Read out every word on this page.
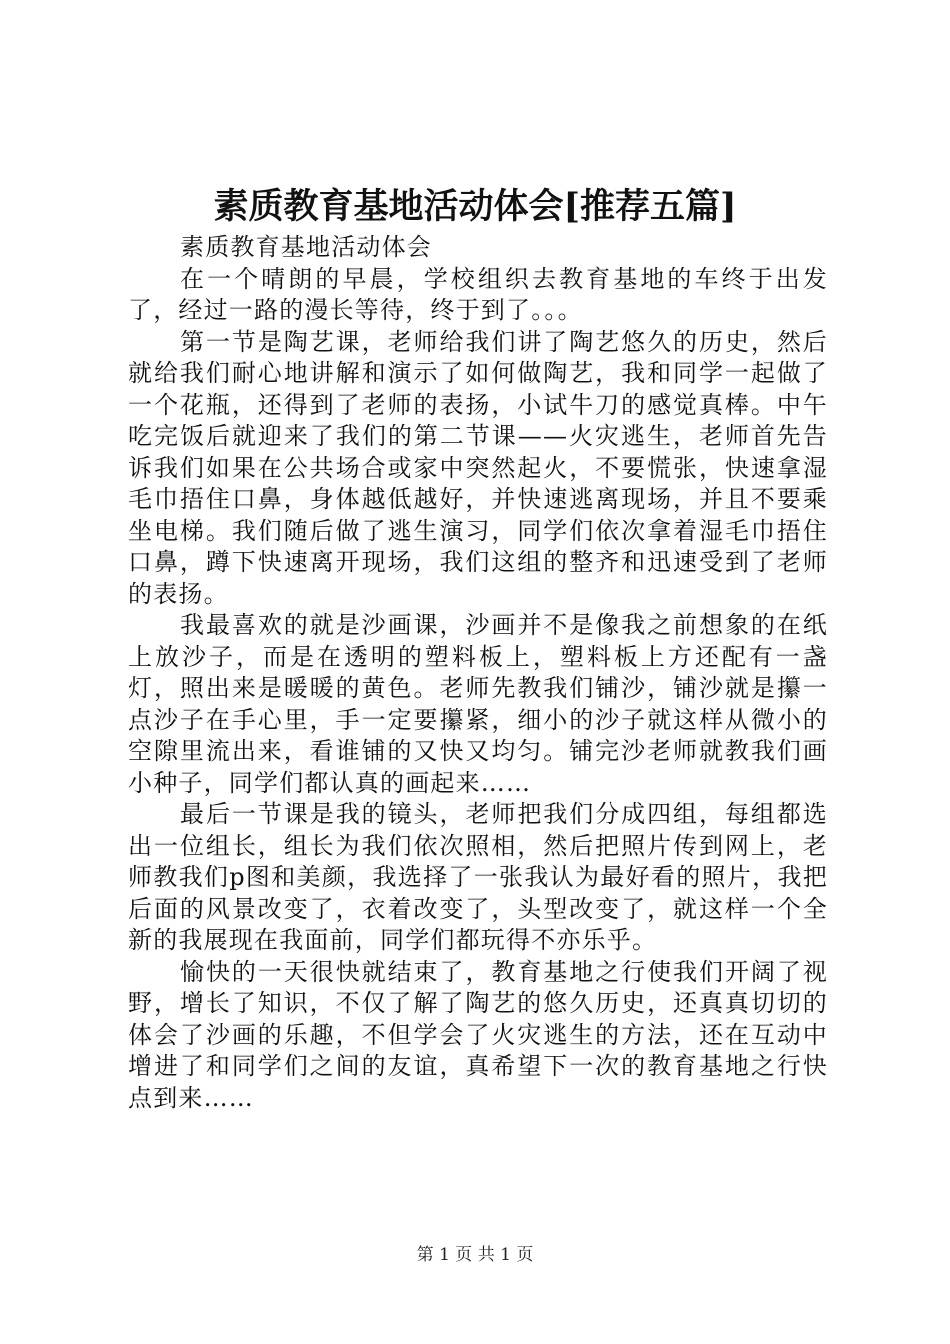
素质教育基地活动体会[推荐五篇]

素质教育基地活动体会

在一个晴朗的早晨，学校组织去教育基地的车终于出发了，经过一路的漫长等待，终于到了。。。

第一节是陶艺课，老师给我们讲了陶艺悠久的历史，然后就给我们耐心地讲解和演示了如何做陶艺，我和同学一起做了一个花瓶，还得到了老师的表扬，小试牛刀的感觉真棒。中午吃完饭后就迎来了我们的第二节课——火灾逃生，老师首先告诉我们如果在公共场合或家中突然起火，不要慌张，快速拿湿毛巾捂住口鼻，身体越低越好，并快速逃离现场，并且不要乘坐电梯。我们随后做了逃生演习，同学们依次拿着湿毛巾捂住口鼻，蹲下快速离开现场，我们这组的整齐和迅速受到了老师的表扬。

我最喜欢的就是沙画课，沙画并不是像我之前想象的在纸上放沙子，而是在透明的塑料板上，塑料板上方还配有一盏灯，照出来是暖暖的黄色。老师先教我们铺沙，铺沙就是攥一点沙子在手心里，手一定要攥紧，细小的沙子就这样从微小的空隙里流出来，看谁铺的又快又均匀。铺完沙老师就教我们画小种子，同学们都认真的画起来……

最后一节课是我的镜头，老师把我们分成四组，每组都选出一位组长，组长为我们依次照相，然后把照片传到网上，老师教我们p图和美颜，我选择了一张我认为最好看的照片，我把后面的风景改变了，衣着改变了，头型改变了，就这样一个全新的我展现在我面前，同学们都玩得不亦乐乎。

愉快的一天很快就结束了，教育基地之行使我们开阔了视野，增长了知识，不仅了解了陶艺的悠久历史，还真真切切的体会了沙画的乐趣，不但学会了火灾逃生的方法，还在互动中增进了和同学们之间的友谊，真希望下一次的教育基地之行快点到来……

第 1 页 共 1 页
